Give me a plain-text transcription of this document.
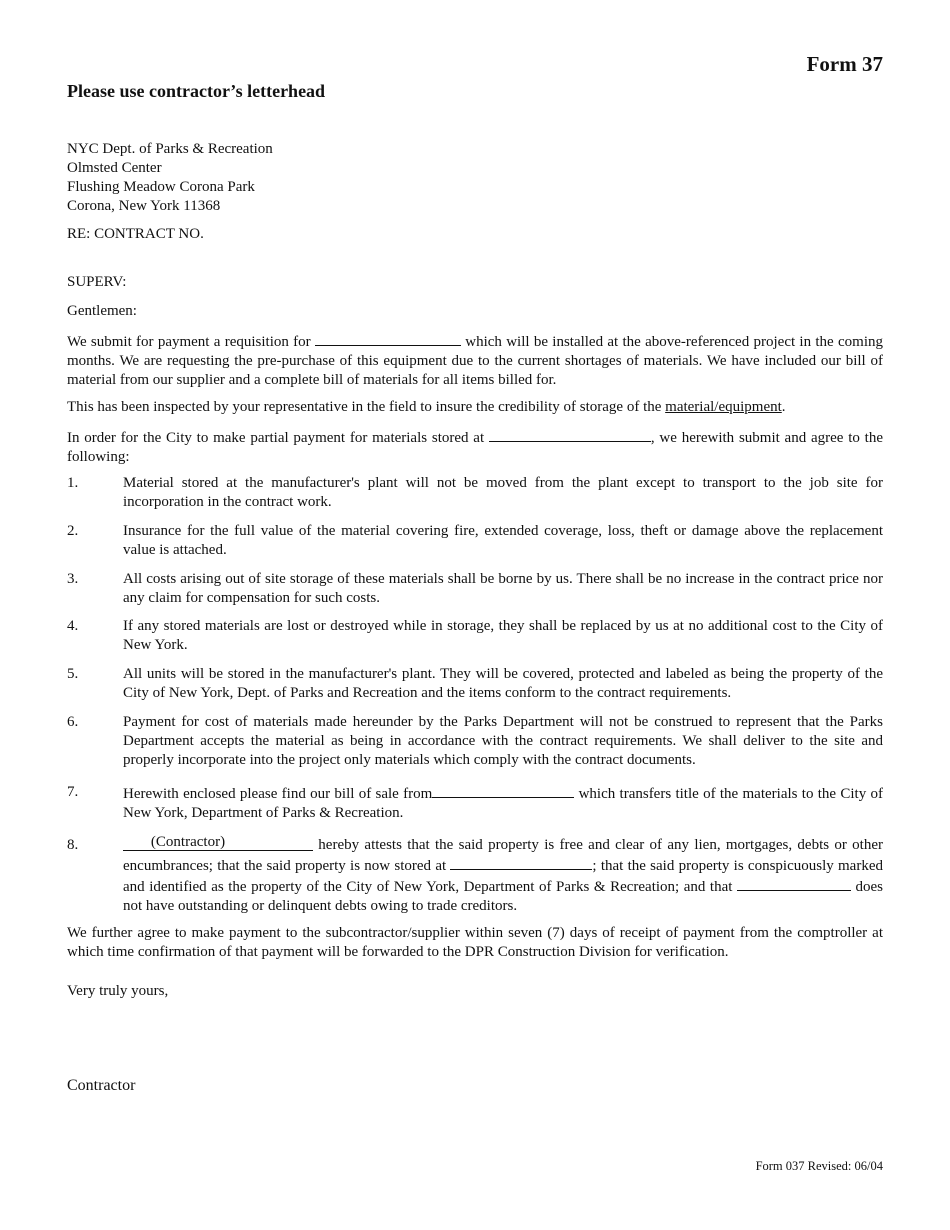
Form 37
Please use contractor’s letterhead
NYC Dept. of Parks & Recreation
Olmsted Center
Flushing Meadow Corona Park
Corona, New York 11368
RE: CONTRACT NO.
SUPERV:
Gentlemen:
We submit for payment a requisition for	which will be installed at the above-referenced project in the coming months. We are requesting the pre-purchase of this equipment due to the current shortages of materials. We have included our bill of material from our supplier and a complete bill of materials for all items billed for.
This has been inspected by your representative in the field to insure the credibility of storage of the material/equipment.
In order for the City to make partial payment for materials stored at	, we herewith submit and agree to the following:
1.	Material stored at the manufacturer's plant will not be moved from the plant except to transport to the job site for incorporation in the contract work.
2.	Insurance for the full value of the material covering fire, extended coverage, loss, theft or damage above the replacement value is attached.
3.	All costs arising out of site storage of these materials shall be borne by us. There shall be no increase in the contract price nor any claim for compensation for such costs.
4.	If any stored materials are lost or destroyed while in storage, they shall be replaced by us at no additional cost to the City of New York.
5.	All units will be stored in the manufacturer's plant. They will be covered, protected and labeled as being the property of the City of New York, Dept. of Parks and Recreation and the items conform to the contract requirements.
6.	Payment for cost of materials made hereunder by the Parks Department will not be construed to represent that the Parks Department accepts the material as being in accordance with the contract requirements. We shall deliver to the site and properly incorporate into the project only materials which comply with the contract documents.
7.	Herewith enclosed please find our bill of sale from	which transfers title of the materials to the City of New York, Department of Parks & Recreation.
8.	(Contractor)	hereby attests that the said property is free and clear of any lien, mortgages, debts or other encumbrances; that the said property is now stored at	; that the said property is conspicuously marked and identified as the property of the City of New York, Department of Parks & Recreation; and that	does not have outstanding or delinquent debts owing to trade creditors.
We further agree to make payment to the subcontractor/supplier within seven (7) days of receipt of payment from the comptroller at which time confirmation of that payment will be forwarded to the DPR Construction Division for verification.
Very truly yours,
Contractor
Form 037 Revised: 06/04
